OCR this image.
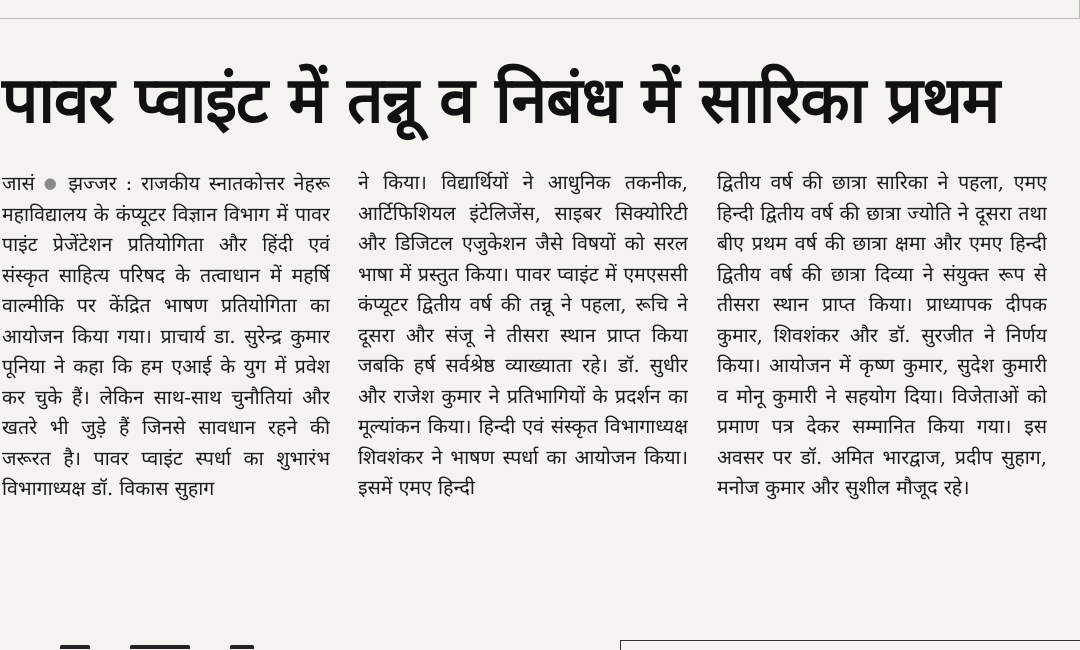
पावर प्वाइंट में तन्नू व निबंध में सारिका प्रथम

जासं ● झज्जर : राजकीय स्नातकोत्तर नेहरू महाविद्यालय के कंप्यूटर विज्ञान विभाग में पावर पाइंट प्रेजेंटेशन प्रतियोगिता और हिंदी एवं संस्कृत साहित्य परिषद के तत्वाधान में महर्षि वाल्मीकि पर केंद्रित भाषण प्रतियोगिता का आयोजन किया गया। प्राचार्य डा. सुरेन्द्र कुमार पूनिया ने कहा कि हम एआई के युग में प्रवेश कर चुके हैं। लेकिन साथ-साथ चुनौतियां और खतरे भी जुड़े हैं जिनसे सावधान रहने की जरूरत है। पावर प्वाइंट स्पर्धा का शुभारंभ विभागाध्यक्ष डॉ. विकास सुहाग

ने किया। विद्यार्थियों ने आधुनिक तकनीक, आर्टिफिशियल इंटेलिजेंस, साइबर सिक्योरिटी और डिजिटल एजुकेशन जैसे विषयों को सरल भाषा में प्रस्तुत किया। पावर प्वाइंट में एमएससी कंप्यूटर द्वितीय वर्ष की तन्नू ने पहला, रूचि ने दूसरा और संजू ने तीसरा स्थान प्राप्त किया जबकि हर्ष सर्वश्रेष्ठ व्याख्याता रहे। डॉ. सुधीर और राजेश कुमार ने प्रतिभागियों के प्रदर्शन का मूल्यांकन किया। हिन्दी एवं संस्कृत विभागाध्यक्ष शिवशंकर ने भाषण स्पर्धा का आयोजन किया। इसमें एमए हिन्दी

द्वितीय वर्ष की छात्रा सारिका ने पहला, एमए हिन्दी द्वितीय वर्ष की छात्रा ज्योति ने दूसरा तथा बीए प्रथम वर्ष की छात्रा क्षमा और एमए हिन्दी द्वितीय वर्ष की छात्रा दिव्या ने संयुक्त रूप से तीसरा स्थान प्राप्त किया। प्राध्यापक दीपक कुमार, शिवशंकर और डॉ. सुरजीत ने निर्णय किया। आयोजन में कृष्ण कुमार, सुदेश कुमारी व मोनू कुमारी ने सहयोग दिया। विजेताओं को प्रमाण पत्र देकर सम्मानित किया गया। इस अवसर पर डॉ. अमित भारद्वाज, प्रदीप सुहाग, मनोज कुमार और सुशील मौजूद रहे।
